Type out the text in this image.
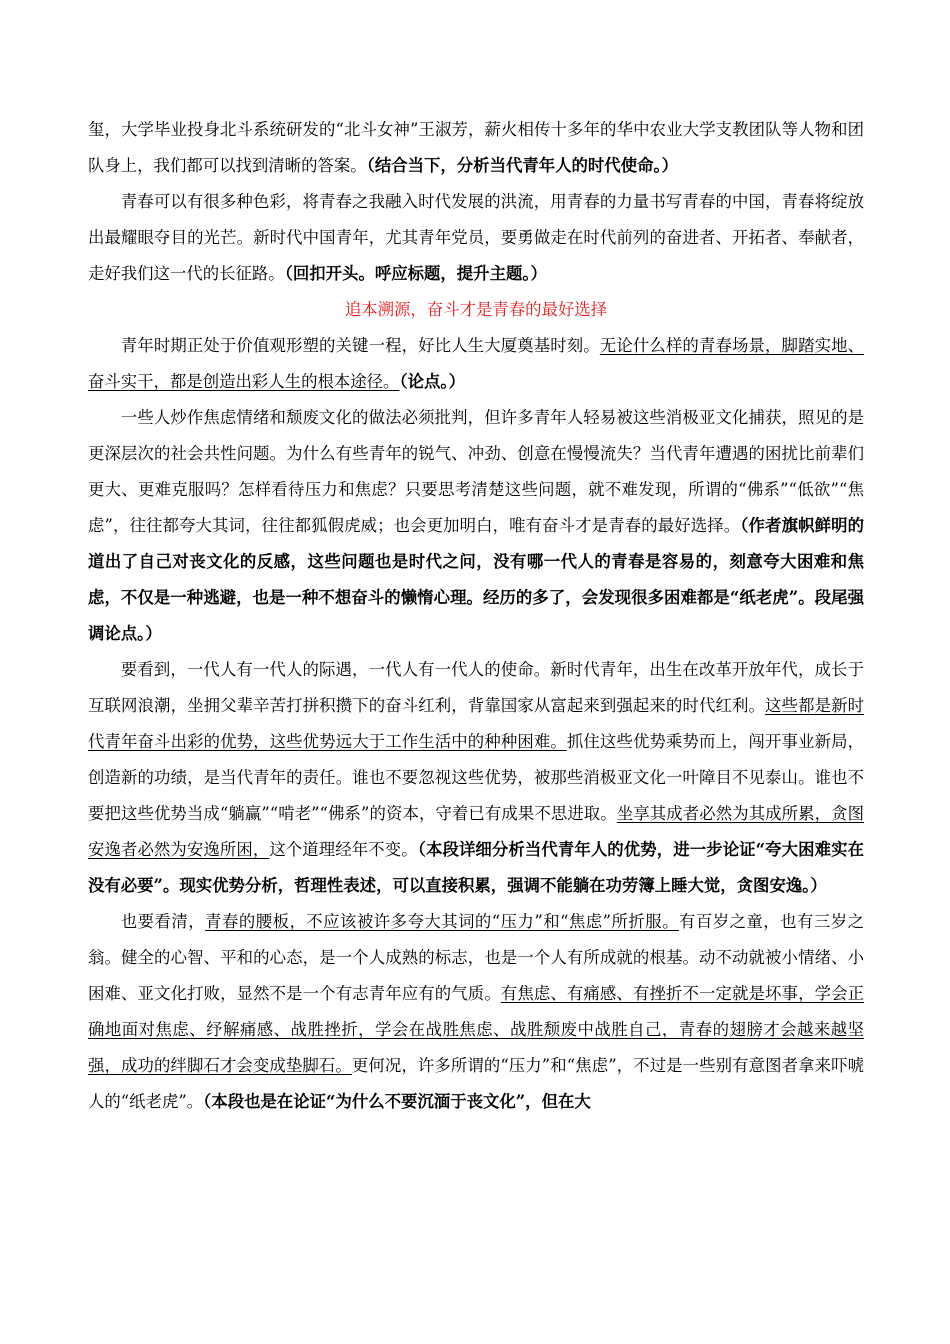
玺，大学毕业投身北斗系统研发的“北斗女神”王淑芳，薪火相传十多年的华中农业大学支教团队等人物和团队身上，我们都可以找到清晰的答案。（结合当下，分析当代青年人的时代使命。）

青春可以有很多种色彩，将青春之我融入时代发展的洪流，用青春的力量书写青春的中国，青春将绽放出最耀眼夺目的光芒。新时代中国青年，尤其青年党员，要勇做走在时代前列的奋进者、开拓者、奉献者，走好我们这一代的长征路。（回扣开头。呼应标题，提升主题。）

追本溯源，奋斗才是青春的最好选择

青年时期正处于价值观形塑的关键一程，好比人生大厦奠基时刻。无论什么样的青春场景，脚踏实地、奋斗实干，都是创造出彩人生的根本途径。（论点。）

一些人炒作焦虑情绪和颓废文化的做法必须批判，但许多青年人轻易被这些消极亚文化捕获，照见的是更深层次的社会共性问题。为什么有些青年的锐气、冲劲、创意在慢慢流失？当代青年遭遇的困扰比前辈们更大、更难克服吗？怎样看待压力和焦虑？只要思考清楚这些问题，就不难发现，所谓的“佛系”“低欲”“焦虑”，往往都夸大其词，往往都狐假虎威；也会更加明白，唯有奋斗才是青春的最好选择。（作者旗帜鲜明的道出了自己对丧文化的反感，这些问题也是时代之问，没有哪一代人的青春是容易的，刻意夸大困难和焦虑，不仅是一种逃避，也是一种不想奋斗的懒惰心理。经历的多了，会发现很多困难都是“纸老虎”。段尾强调论点。）

要看到，一代人有一代人的际遇，一代人有一代人的使命。新时代青年，出生在改革开放年代，成长于互联网浪潮，坐拥父辈辛苦打拼积攒下的奋斗红利，背靠国家从富起来到强起来的时代红利。这些都是新时代青年奋斗出彩的优势，这些优势远大于工作生活中的种种困难。抓住这些优势乘势而上，闯开事业新局，创造新的功绩，是当代青年的责任。谁也不要忽视这些优势，被那些消极亚文化一叶障目不见泰山。谁也不要把这些优势当成“躺赢”“啃老”“佛系”的资本，守着已有成果不思进取。坐享其成者必然为其成所累，贪图安逸者必然为安逸所困，这个道理经年不变。（本段详细分析当代青年人的优势，进一步论证“夸大困难实在没有必要”。现实优势分析，哲理性表述，可以直接积累，强调不能躺在功劳簿上睡大觉，贪图安逸。）

也要看清，青春的腰板，不应该被许多夸大其词的“压力”和“焦虑”所折服。有百岁之童，也有三岁之翁。健全的心智、平和的心态，是一个人成熟的标志，也是一个人有所成就的根基。动不动就被小情绪、小困难、亚文化打败，显然不是一个有志青年应有的气质。有焦虑、有痛感、有挫折不一定就是坏事，学会正确地面对焦虑、纾解痛感、战胜挫折，学会在战胜焦虑、战胜颓废中战胜自己，青春的翅膀才会越来越坚强，成功的绊脚石才会变成垫脚石。更何况，许多所谓的“压力”和“焦虑”，不过是一些别有意图者拿来吓唬人的“纸老虎”。（本段也是在论证“为什么不要沉湎于丧文化”，但在大
